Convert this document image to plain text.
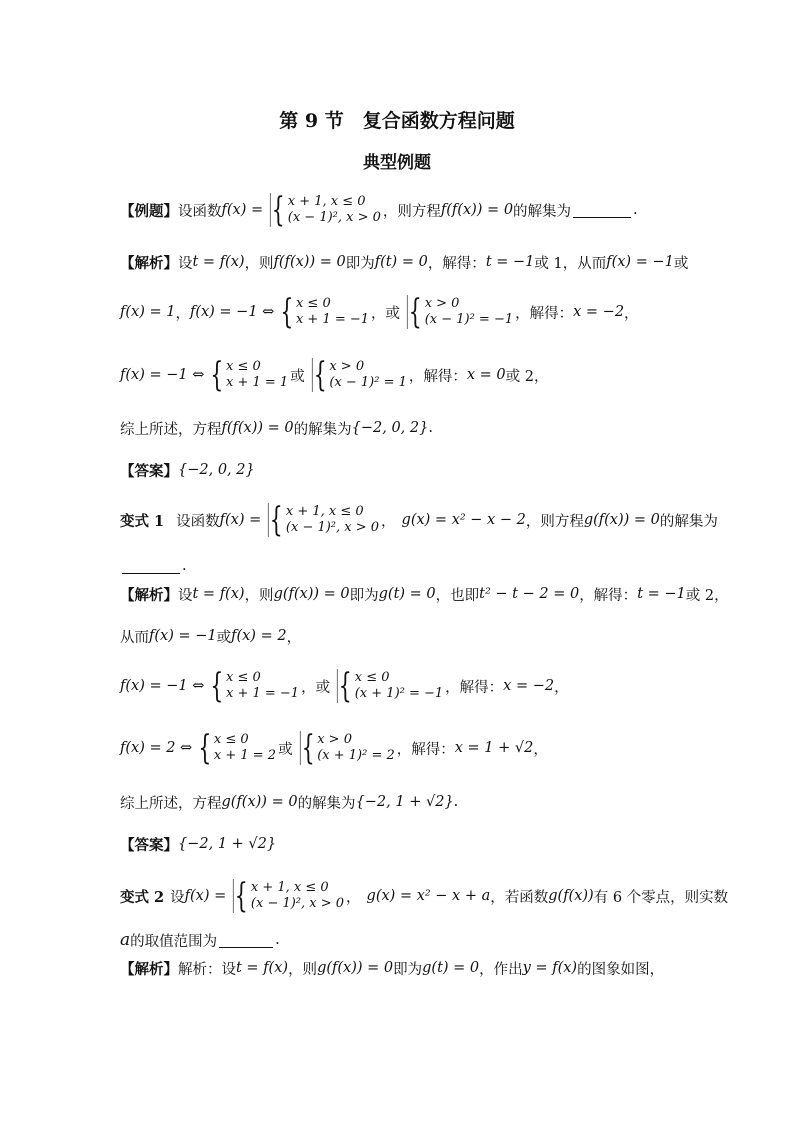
第 9 节　复合函数方程问题
典型例题
【例题】 设函数 f(x) = { x + 1, x ≤ 0
(x − 1)², x > 0 ，则方程 f(f(x)) = 0 的解集为	.
【解析】 设 t = f(x) ，则 f(f(x)) = 0 即为 f(t) = 0 ，解得： t = −1 或 1，从而 f(x) = −1 或
f(x) = 1 ， f(x) = −1 ⇔ { x ≤ 0
x + 1 = −1 ，或 { x > 0
(x − 1)² = −1 ，解得： x = −2 ，
f(x) = −1 ⇔ { x ≤ 0
x + 1 = 1 或 { x > 0
(x − 1)² = 1 ，解得： x = 0 或 2，
综上所述，方程 f(f(x)) = 0 的解集为 {−2, 0, 2} .
【答案】 {−2, 0, 2}
变式 1 设函数 f(x) = { x + 1, x ≤ 0
(x − 1)², x > 0 ， g(x) = x² − x − 2 ，则方程 g(f(x)) = 0 的解集为
.
【解析】 设 t = f(x) ，则 g(f(x)) = 0 即为 g(t) = 0 ，也即 t² − t − 2 = 0 ，解得： t = −1 或 2，
从而 f(x) = −1 或 f(x) = 2 ，
f(x) = −1 ⇔ { x ≤ 0
x + 1 = −1 ，或 { x ≤ 0
(x + 1)² = −1 ，解得： x = −2 ，
f(x) = 2 ⇔ { x ≤ 0
x + 1 = 2 或 { x > 0
(x + 1)² = 2 ，解得： x = 1 + √2 ，
综上所述，方程 g(f(x)) = 0 的解集为 {−2, 1 + √2} .
【答案】 {−2, 1 + √2}
变式 2 设 f(x) = { x + 1, x ≤ 0
(x − 1)², x > 0 ， g(x) = x² − x + a ，若函数 g(f(x)) 有 6 个零点，则实数
a 的取值范围为	.
【解析】 解析：设 t = f(x) ，则 g(f(x)) = 0 即为 g(t) = 0 ，作出 y = f(x) 的图象如图，
